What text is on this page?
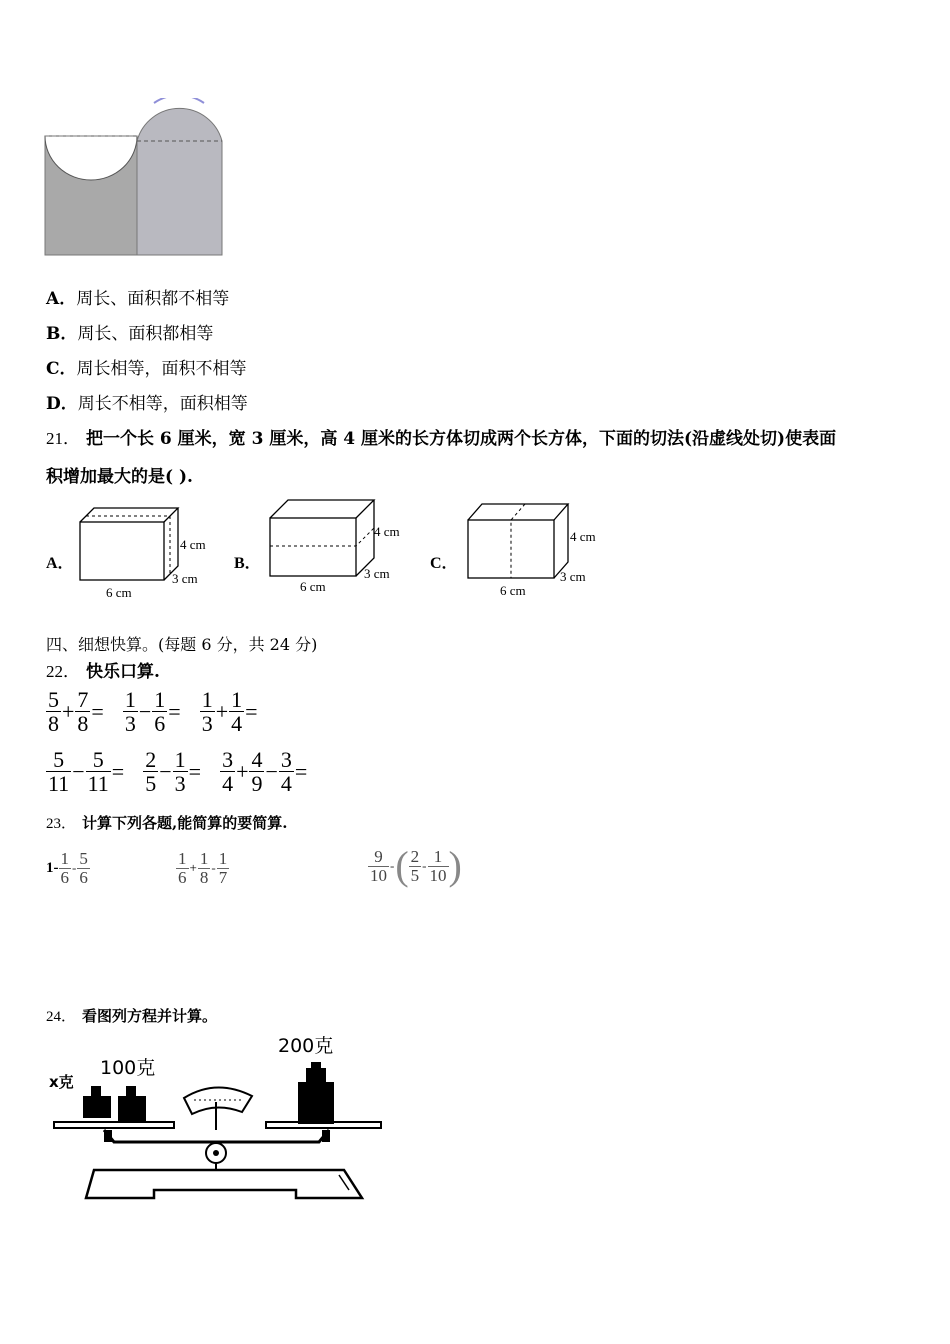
A．周长、面积都不相等
B．周长、面积都相等
C．周长相等，面积不相等
D．周长不相等，面积相等
21． 把一个长 6 厘米，宽 3 厘米，高 4 厘米的长方体切成两个长方体，下面的切法(沿虚线处切)使表面
积增加最大的是( ).
A．
4 cm
3 cm
6 cm
B．
4 cm
3 cm
6 cm
C．
4 cm
3 cm
6 cm
四、细想快算。(每题 6 分，共 24 分)
22． 快乐口算.
$\frac{5}{8} + \frac{7}{8} = \frac{1}{3} - \frac{1}{6} = \frac{1}{3} + \frac{1}{4}$ =
$\frac{5}{11} - \frac{5}{11} = \frac{2}{5} - \frac{1}{3} = \frac{3}{4} + \frac{4}{9} - \frac{3}{4}$ =
23． 计算下列各题,能简算的要简算.
$1- \frac{1}{6} - \frac{5}{6}$	$\frac{1}{6} + \frac{1}{8} - \frac{1}{7}$	$\frac{9}{10}$ - ( $\frac{2}{5} - \frac{1}{10}$ )
24． 看图列方程并计算。
x克
100克
200克
